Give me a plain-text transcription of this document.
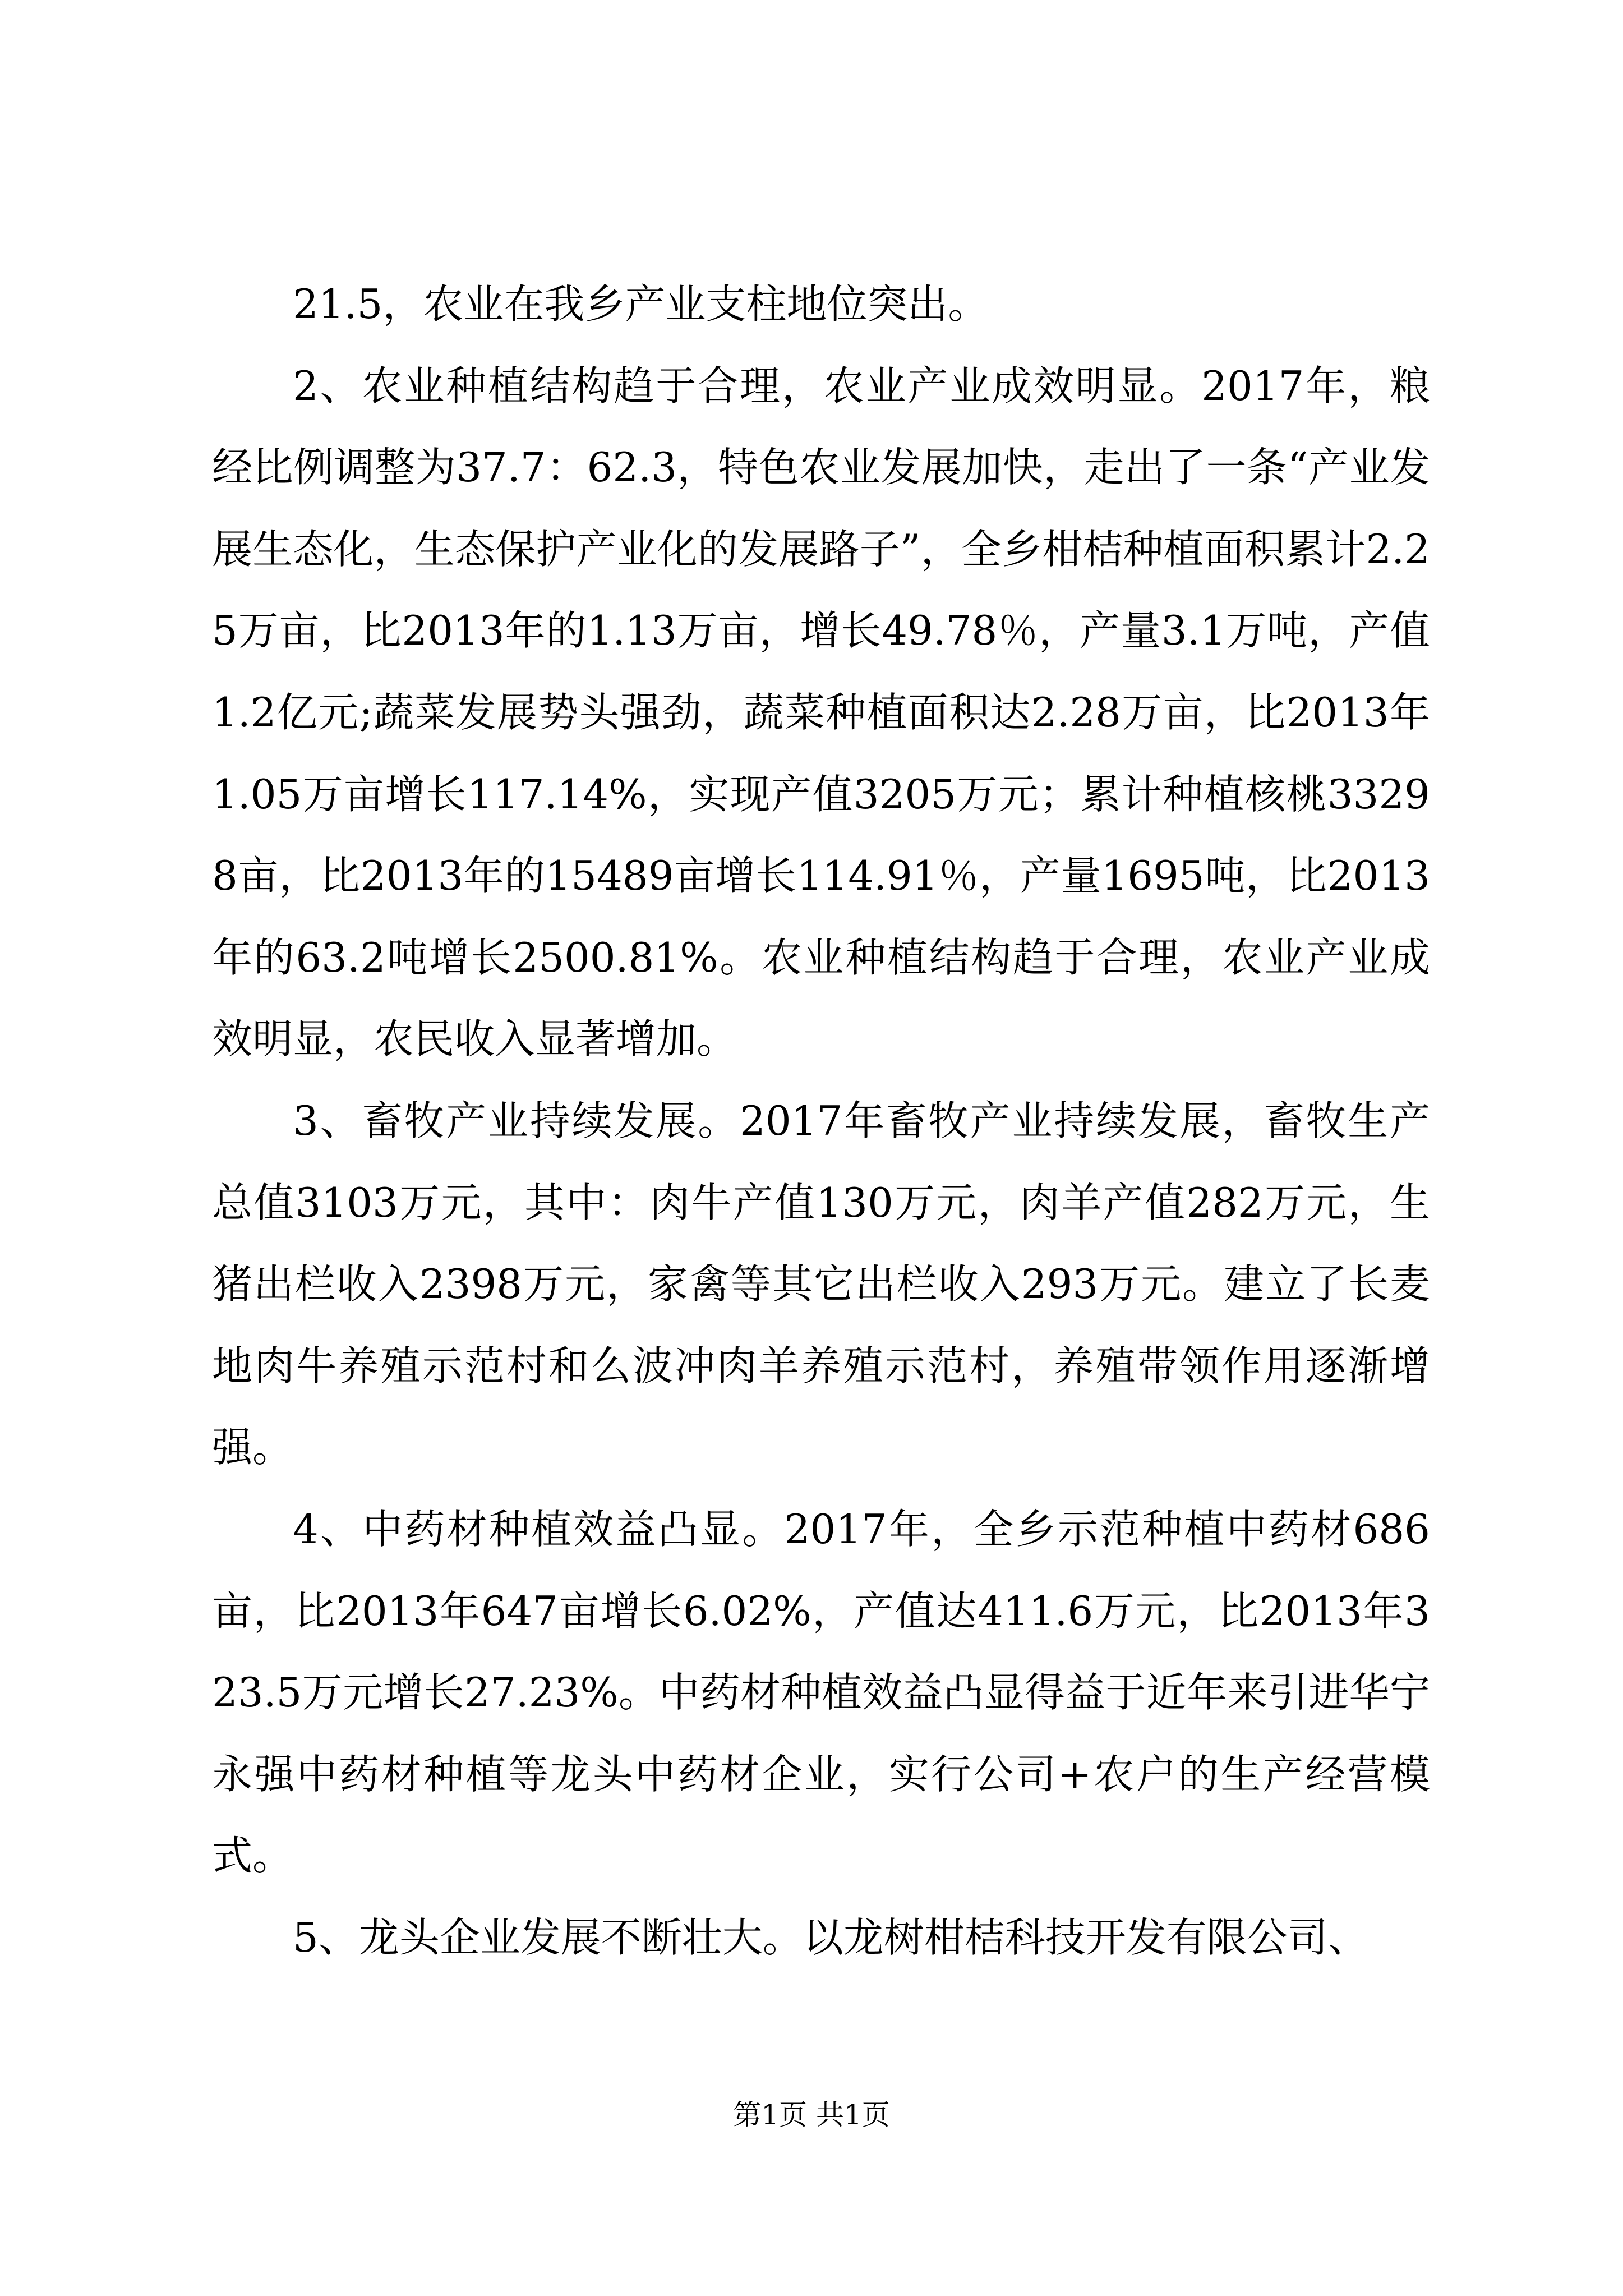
21.5，农业在我乡产业支柱地位突出。

2、农业种植结构趋于合理，农业产业成效明显。2017年，粮经比例调整为37.7：62.3，特色农业发展加快，走出了一条“产业发展生态化，生态保护产业化的发展路子”，全乡柑桔种植面积累计2.25万亩，比2013年的1.13万亩，增长49.78％，产量3.1万吨，产值1.2亿元;蔬菜发展势头强劲，蔬菜种植面积达2.28万亩，比2013年1.05万亩增长117.14%，实现产值3205万元；累计种植核桃33298亩，比2013年的15489亩增长114.91％，产量1695吨，比2013年的63.2吨增长2500.81%。农业种植结构趋于合理，农业产业成效明显，农民收入显著增加。

3、畜牧产业持续发展。2017年畜牧产业持续发展，畜牧生产总值3103万元，其中：肉牛产值130万元，肉羊产值282万元，生猪出栏收入2398万元，家禽等其它出栏收入293万元。建立了长麦地肉牛养殖示范村和么波冲肉羊养殖示范村，养殖带领作用逐渐增强。

4、中药材种植效益凸显。2017年，全乡示范种植中药材686亩，比2013年647亩增长6.02%，产值达411.6万元，比2013年323.5万元增长27.23%。中药材种植效益凸显得益于近年来引进华宁永强中药材种植等龙头中药材企业，实行公司+农户的生产经营模式。

5、龙头企业发展不断壮大。以龙树柑桔科技开发有限公司、

第1页 共1页
